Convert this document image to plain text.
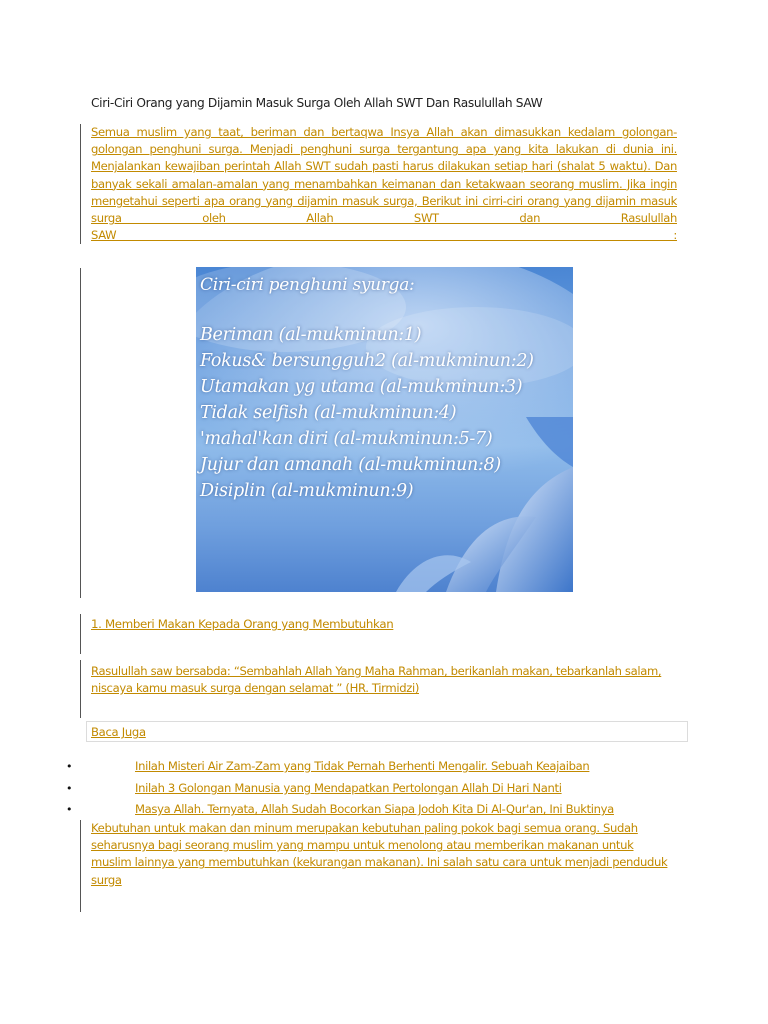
Ciri-Ciri Orang yang Dijamin Masuk Surga Oleh Allah SWT Dan Rasulullah SAW
Semua muslim yang taat, beriman dan bertaqwa Insya Allah akan dimasukkan kedalam golongan-
golongan penghuni surga. Menjadi penghuni surga tergantung apa yang kita lakukan di dunia ini.
Menjalankan kewajiban perintah Allah SWT sudah pasti harus dilakukan setiap hari (shalat 5 waktu). Dan
banyak sekali amalan-amalan yang menambahkan keimanan dan ketakwaan seorang muslim. Jika ingin
mengetahui seperti apa orang yang dijamin masuk surga, Berikut ini cirri-ciri orang yang dijamin masuk
surga oleh Allah SWT dan Rasulullah SAW :
Ciri-ciri penghuni syurga:
Beriman (al-mukminun:1)
Fokus& bersungguh2 (al-mukminun:2)
Utamakan yg utama (al-mukminun:3)
Tidak selfish (al-mukminun:4)
'mahal'kan diri (al-mukminun:5-7)
Jujur dan amanah (al-mukminun:8)
Disiplin (al-mukminun:9)
1. Memberi Makan Kepada Orang yang Membutuhkan
Rasulullah saw bersabda: “Sembahlah Allah Yang Maha Rahman, berikanlah makan, tebarkanlah salam,
niscaya kamu masuk surga dengan selamat ” (HR. Tirmidzi)
Baca Juga
•	Inilah Misteri Air Zam-Zam yang Tidak Pernah Berhenti Mengalir. Sebuah Keajaiban
•	Inilah 3 Golongan Manusia yang Mendapatkan Pertolongan Allah Di Hari Nanti
•	Masya Allah. Ternyata, Allah Sudah Bocorkan Siapa Jodoh Kita Di Al-Qur'an, Ini Buktinya
Kebutuhan untuk makan dan minum merupakan kebutuhan paling pokok bagi semua orang. Sudah
seharusnya bagi seorang muslim yang mampu untuk menolong atau memberikan makanan untuk
muslim lainnya yang membutuhkan (kekurangan makanan). Ini salah satu cara untuk menjadi penduduk
surga
